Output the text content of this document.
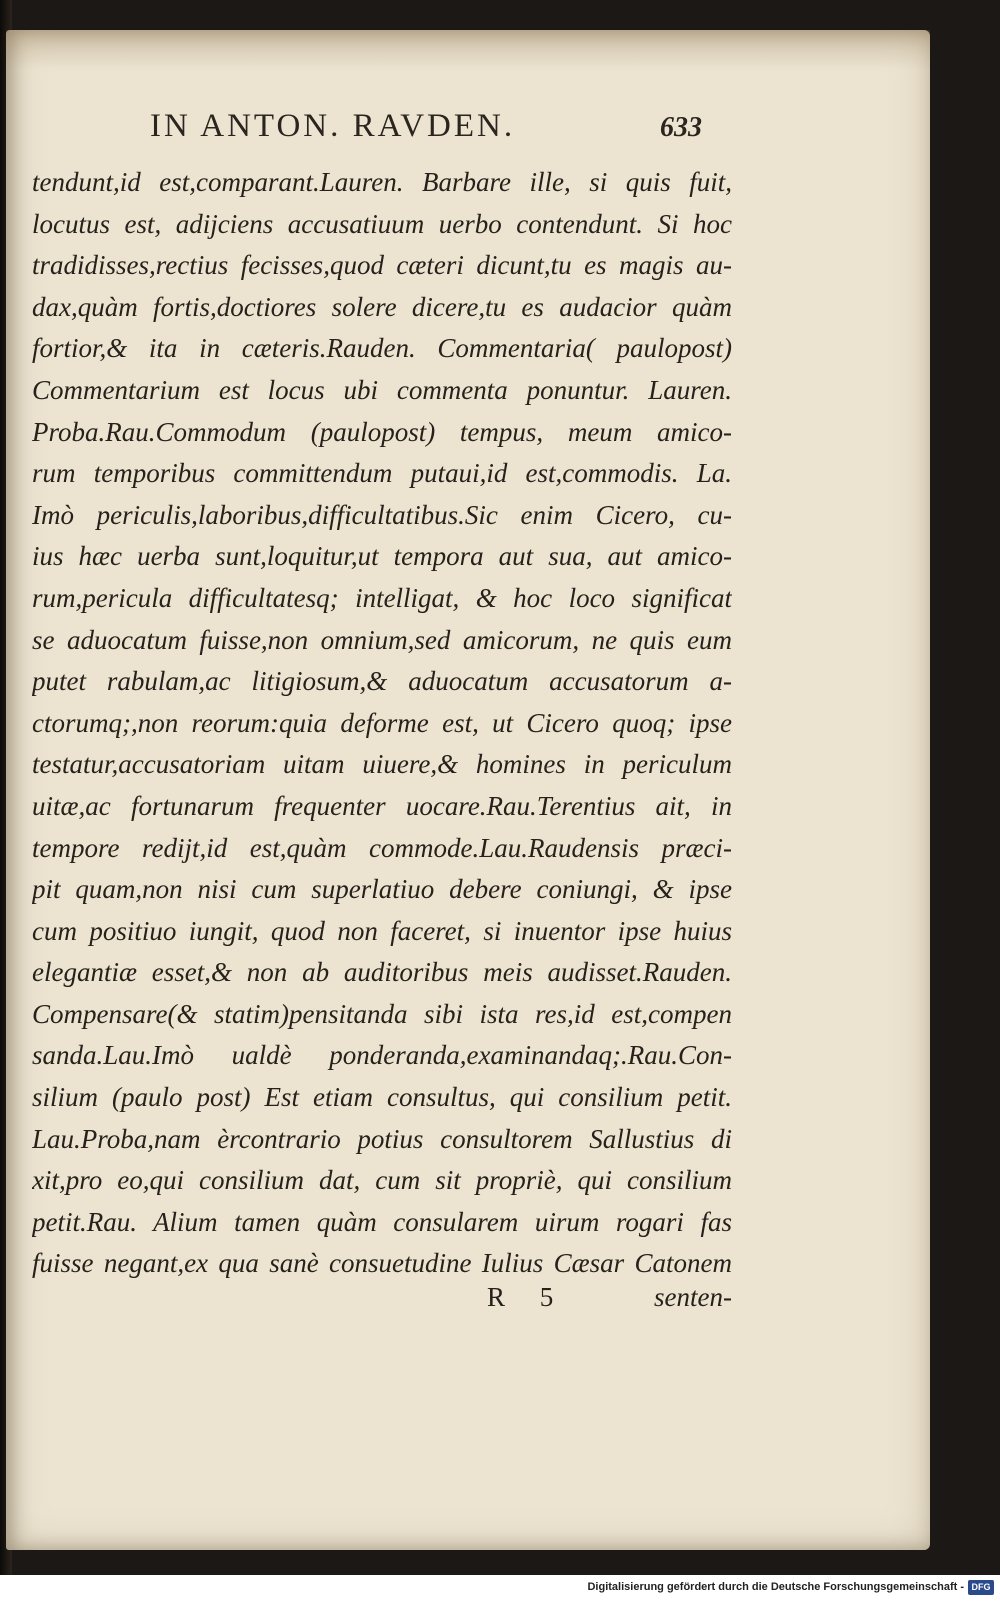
IN ANTON. RAVDEN.	633
tendunt,id est,comparant.Lauren. Barbare ille, si quis fuit,
locutus est, adijciens accusatiuum uerbo contendunt. Si hoc
tradidisses,rectius fecisses,quod cæteri dicunt,tu es magis au-
dax,quàm fortis,doctiores solere dicere,tu es audacior quàm
fortior,& ita in cæteris.Rauden. Commentaria( paulopost)
Commentarium est locus ubi commenta ponuntur. Lauren.
Proba.Rau.Commodum (paulopost) tempus, meum amico-
rum temporibus committendum putaui,id est,commodis. La.
Imò periculis,laboribus,difficultatibus.Sic enim Cicero, cu-
ius hæc uerba sunt,loquitur,ut tempora aut sua, aut amico-
rum,pericula difficultatesq; intelligat, & hoc loco significat
se aduocatum fuisse,non omnium,sed amicorum, ne quis eum
putet rabulam,ac litigiosum,& aduocatum accusatorum a-
ctorumq;,non reorum:quia deforme est, ut Cicero quoq; ipse
testatur,accusatoriam uitam uiuere,& homines in periculum
uitæ,ac fortunarum frequenter uocare.Rau.Terentius ait, in
tempore redijt,id est,quàm commode.Lau.Raudensis præci-
pit quam,non nisi cum superlatiuo debere coniungi, & ipse
cum positiuo iungit, quod non faceret, si inuentor ipse huius
elegantiæ esset,& non ab auditoribus meis audisset.Rauden.
Compensare(& statim)pensitanda sibi ista res,id est,compen
sanda.Lau.Imò ualdè ponderanda,examinandaq;.Rau.Con-
silium (paulo post) Est etiam consultus, qui consilium petit.
Lau.Proba,nam èrcontrario potius consultorem Sallustius di
xit,pro eo,qui consilium dat, cum sit propriè, qui consilium
petit.Rau. Alium tamen quàm consularem uirum rogari fas
fuisse negant,ex qua sanè consuetudine Iulius Cæsar Catonem
R 5	senten-
Digitalisierung gefördert durch die Deutsche Forschungsgemeinschaft - DFG
